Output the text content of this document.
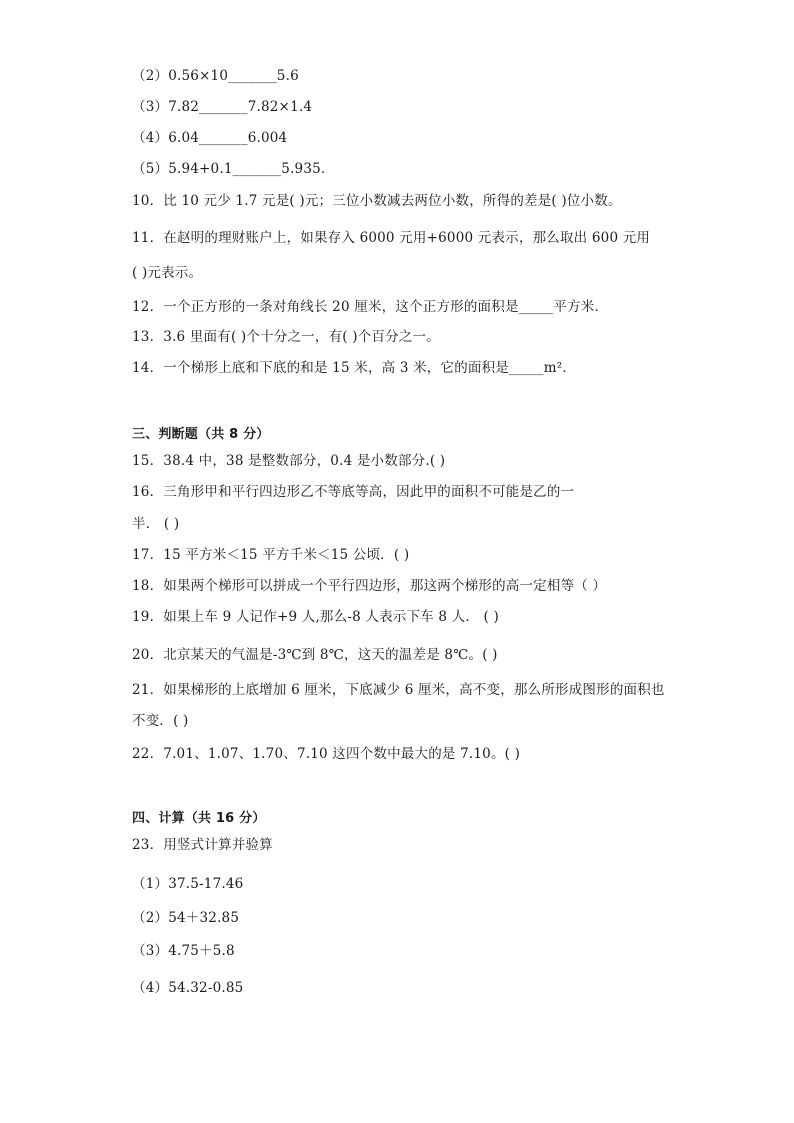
（2）0.56×10_______5.6
（3）7.82_______7.82×1.4
（4）6.04_______6.004
（5）5.94+0.1_______5.935．
10．比 10 元少 1.7 元是( )元；三位小数减去两位小数，所得的差是( )位小数。
11．在赵明的理财账户上，如果存入 6000 元用+6000 元表示，那么取出 600 元用
( )元表示。
12．一个正方形的一条对角线长 20 厘米，这个正方形的面积是_____平方米．
13．3.6 里面有( )个十分之一，有( )个百分之一。
14．一个梯形上底和下底的和是 15 米，高 3 米，它的面积是_____m²．
三、判断题（共 8 分）
15．38.4 中，38 是整数部分，0.4 是小数部分.( )
16．三角形甲和平行四边形乙不等底等高，因此甲的面积不可能是乙的一
半． ( )
17．15 平方米＜15 平方千米＜15 公顷．( )
18．如果两个梯形可以拼成一个平行四边形，那这两个梯形的高一定相等（ ）
19．如果上车 9 人记作+9 人,那么-8 人表示下车 8 人． ( )
20．北京某天的气温是-3℃到 8℃，这天的温差是 8℃。( )
21．如果梯形的上底增加 6 厘米，下底减少 6 厘米，高不变，那么所形成图形的面积也
不变．( )
22．7.01、1.07、1.70、7.10 这四个数中最大的是 7.10。( )
四、计算（共 16 分）
23．用竖式计算并验算
（1）37.5-17.46
（2）54＋32.85
（3）4.75＋5.8
（4）54.32-0.85
